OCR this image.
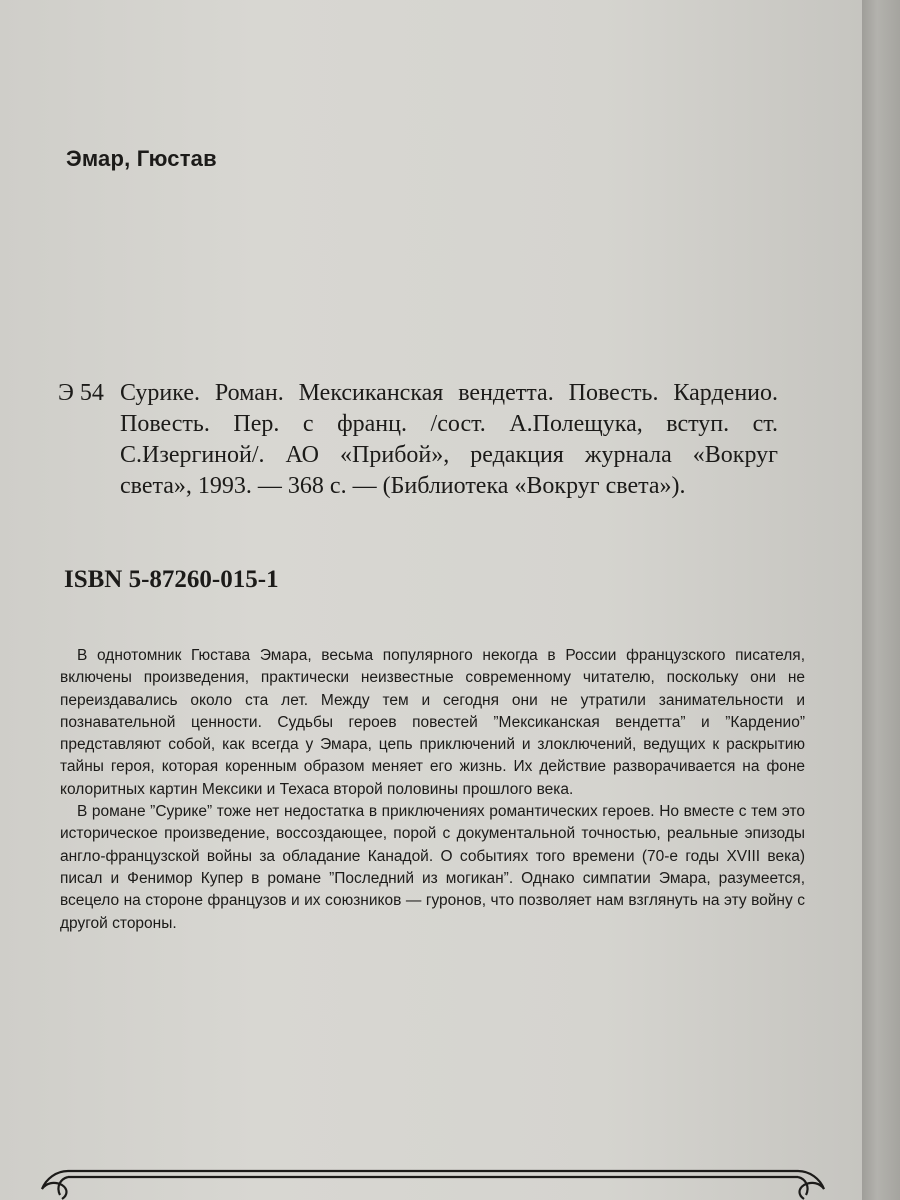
Эмар, Гюстав
Э 54 Сурике. Роман. Мексиканская вендетта. Повесть. Карденио. Повесть. Пер. с франц. /сост. А.Полещука, вступ. ст. С.Изергиной/. АО «Прибой», редакция журнала «Вокруг света», 1993. — 368 с. — (Библиотека «Вокруг света»).
ISBN 5-87260-015-1

В однотомник Гюстава Эмара, весьма популярного некогда в России французского писателя, включены произведения, практически неизвестные современному читателю, поскольку они не переиздавались около ста лет. Между тем и сегодня они не утратили занимательности и познавательной ценности. Судьбы героев повестей ”Мексиканская вендетта” и ”Карденио” представляют собой, как всегда у Эмара, цепь приключений и злоключений, ведущих к раскрытию тайны героя, которая коренным образом меняет его жизнь. Их действие разворачивается на фоне колоритных картин Мексики и Техаса второй половины прошлого века.

В романе ”Сурике” тоже нет недостатка в приключениях романтических героев. Но вместе с тем это историческое произведение, воссоздающее, порой с документальной точностью, реальные эпизоды англо-французской войны за обладание Канадой. О событиях того времени (70-е годы XVIII века) писал и Фенимор Купер в романе ”Последний из могикан”. Однако симпатии Эмара, разумеется, всецело на стороне французов и их союзников — гуронов, что позволяет нам взглянуть на эту войну с другой стороны.
